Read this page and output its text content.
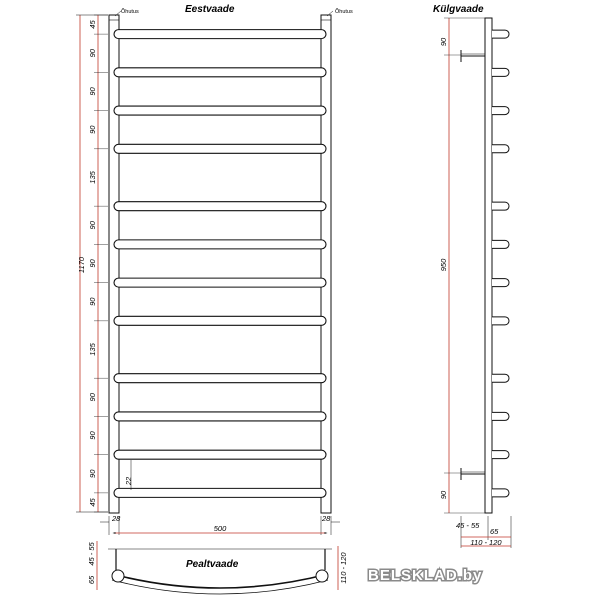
Eestvaade
Õhutus	Õhutus
1170
45
90
90
90
135
90
90
90
135
90
90
90
45
22
28	28
500
Külgvaade
90
950
90
45 - 55
65
110 - 120
Pealtvaade
45 - 55
65	110 - 120 BELSKLAD.by
